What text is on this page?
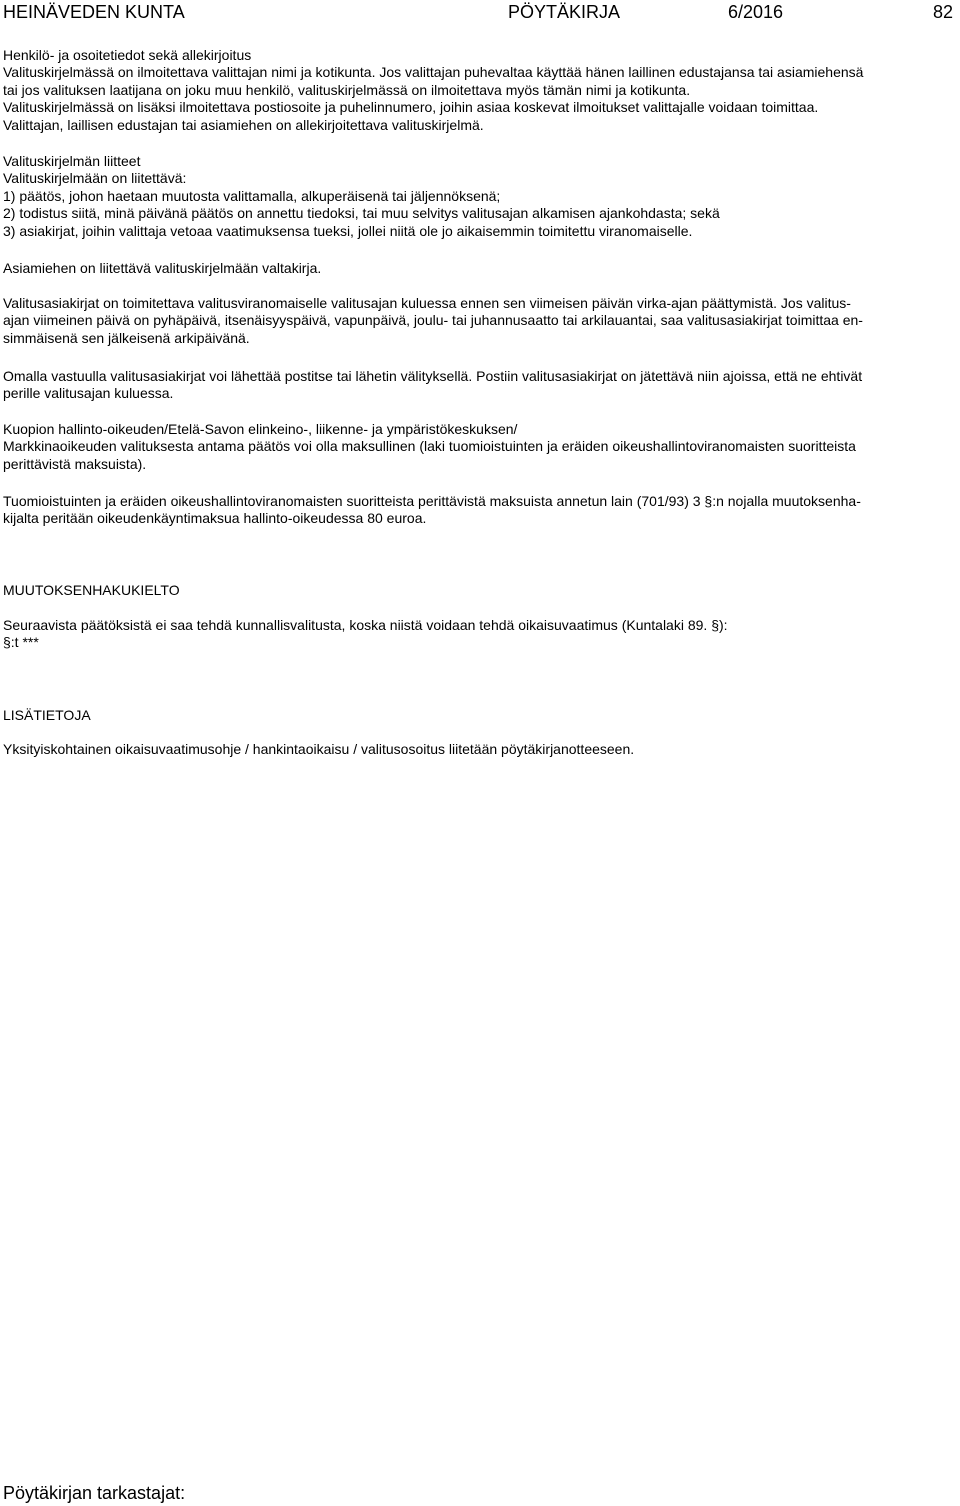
HEINÄVEDEN KUNTA	PÖYTÄKIRJA	6/2016	82

Henkilö- ja osoitetiedot sekä allekirjoitus
Valituskirjelmässä on ilmoitettava valittajan nimi ja kotikunta. Jos valittajan puhevaltaa käyttää hänen laillinen edustajansa tai asiamiehensä
tai jos valituksen laatijana on joku muu henkilö, valituskirjelmässä on ilmoitettava myös tämän nimi ja kotikunta.
Valituskirjelmässä on lisäksi ilmoitettava postiosoite ja puhelinnumero, joihin asiaa koskevat ilmoitukset valittajalle voidaan toimittaa.
Valittajan, laillisen edustajan tai asiamiehen on allekirjoitettava valituskirjelmä.

Valituskirjelmän liitteet
Valituskirjelmään on liitettävä:
1) päätös, johon haetaan muutosta valittamalla, alkuperäisenä tai jäljennöksenä;
2) todistus siitä, minä päivänä päätös on annettu tiedoksi, tai muu selvitys valitusajan alkamisen ajankohdasta; sekä
3) asiakirjat, joihin valittaja vetoaa vaatimuksensa tueksi, jollei niitä ole jo aikaisemmin toimitettu viranomaiselle.

Asiamiehen on liitettävä valituskirjelmään valtakirja.

Valitusasiakirjat on toimitettava valitusviranomaiselle valitusajan kuluessa ennen sen viimeisen päivän virka-ajan päättymistä. Jos valitus-
ajan viimeinen päivä on pyhäpäivä, itsenäisyyspäivä, vapunpäivä, joulu- tai juhannusaatto tai arkilauantai, saa valitusasiakirjat toimittaa en-
simmäisenä sen jälkeisenä arkipäivänä.

Omalla vastuulla valitusasiakirjat voi lähettää postitse tai lähetin välityksellä. Postiin valitusasiakirjat on jätettävä niin ajoissa, että ne ehtivät
perille valitusajan kuluessa.

Kuopion hallinto-oikeuden/Etelä-Savon elinkeino-, liikenne- ja ympäristökeskuksen/
Markkinaoikeuden valituksesta antama päätös voi olla maksullinen (laki tuomioistuinten ja eräiden oikeushallintoviranomaisten suoritteista
perittävistä maksuista).

Tuomioistuinten ja eräiden oikeushallintoviranomaisten suoritteista perittävistä maksuista annetun lain (701/93) 3 §:n nojalla muutoksenha-
kijalta peritään oikeudenkäyntimaksua hallinto-oikeudessa 80 euroa.

MUUTOKSENHAKUKIELTO

Seuraavista päätöksistä ei saa tehdä kunnallisvalitusta, koska niistä voidaan tehdä oikaisuvaatimus (Kuntalaki 89. §):
§:t ***

LISÄTIETOJA

Yksityiskohtainen oikaisuvaatimusohje / hankintaoikaisu / valitusosoitus liitetään pöytäkirjanotteeseen.

Pöytäkirjan tarkastajat:
